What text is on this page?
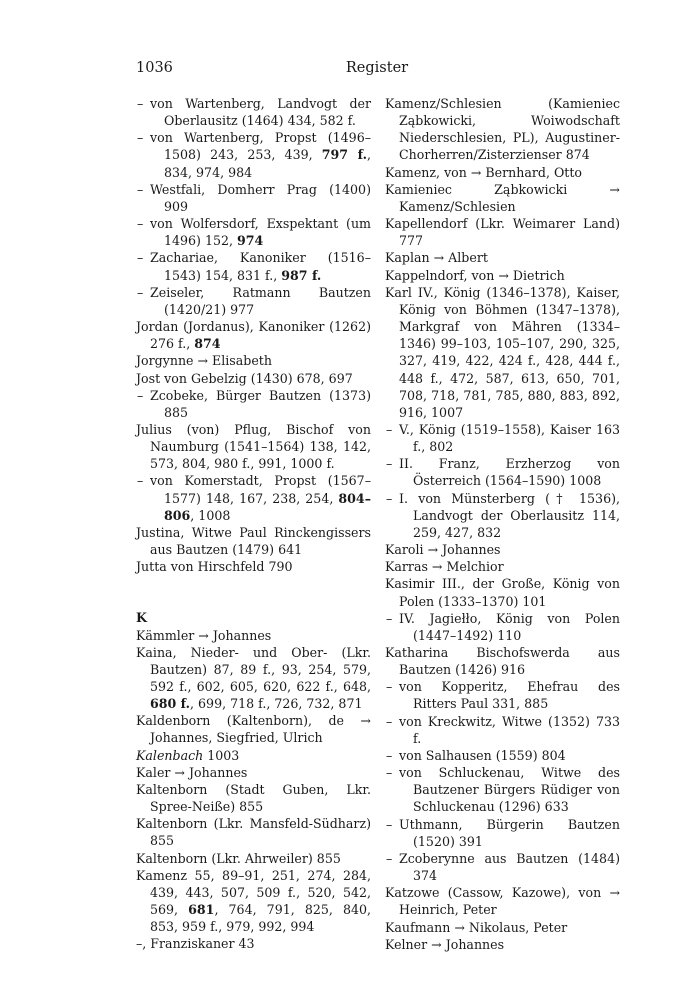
1036	Register
– von Wartenberg, Landvogt der Oberlausitz (1464) 434, 582 f.
– von Wartenberg, Propst (1496–1508) 243, 253, 439, 797 f., 834, 974, 984
– Westfali, Domherr Prag (1400) 909
– von Wolfersdorf, Exspektant (um 1496) 152, 974
– Zachariae, Kanoniker (1516–1543) 154, 831 f., 987 f.
– Zeiseler, Ratmann Bautzen (1420/21) 977
Jordan (Jordanus), Kanoniker (1262) 276 f., 874
Jorgynne → Elisabeth
Jost von Gebelzig (1430) 678, 697
– Zcobeke, Bürger Bautzen (1373) 885
Julius (von) Pflug, Bischof von Naumburg (1541–1564) 138, 142, 573, 804, 980 f., 991, 1000 f.
– von Komerstadt, Propst (1567–1577) 148, 167, 238, 254, 804–806, 1008
Justina, Witwe Paul Rinckengissers aus Bautzen (1479) 641
Jutta von Hirschfeld 790
K
Kämmler → Johannes
Kaina, Nieder- und Ober- (Lkr. Bautzen) 87, 89 f., 93, 254, 579, 592 f., 602, 605, 620, 622 f., 648, 680 f., 699, 718 f., 726, 732, 871
Kaldenborn (Kaltenborn), de → Johannes, Siegfried, Ulrich
Kalenbach 1003
Kaler → Johannes
Kaltenborn (Stadt Guben, Lkr. Spree-Neiße) 855
Kaltenborn (Lkr. Mansfeld-Südharz) 855
Kaltenborn (Lkr. Ahrweiler) 855
Kamenz 55, 89–91, 251, 274, 284, 439, 443, 507, 509 f., 520, 542, 569, 681, 764, 791, 825, 840, 853, 959 f., 979, 992, 994
–, Franziskaner 43
Kamenz/Schlesien (Kamieniec Ząbkowicki, Woiwodschaft Niederschlesien, PL), Augustiner-Chorherren/Zisterzienser 874
Kamenz, von → Bernhard, Otto
Kamieniec Ząbkowicki → Kamenz/Schlesien
Kapellendorf (Lkr. Weimarer Land) 777
Kaplan → Albert
Kappelndorf, von → Dietrich
Karl IV., König (1346–1378), Kaiser, König von Böhmen (1347–1378), Markgraf von Mähren (1334–1346) 99–103, 105–107, 290, 325, 327, 419, 422, 424 f., 428, 444 f., 448 f., 472, 587, 613, 650, 701, 708, 718, 781, 785, 880, 883, 892, 916, 1007
– V., König (1519–1558), Kaiser 163 f., 802
– II. Franz, Erzherzog von Österreich (1564–1590) 1008
– I. von Münsterberg († 1536), Landvogt der Oberlausitz 114, 259, 427, 832
Karoli → Johannes
Karras → Melchior
Kasimir III., der Große, König von Polen (1333–1370) 101
– IV. Jagiełło, König von Polen (1447–1492) 110
Katharina Bischofswerda aus Bautzen (1426) 916
– von Kopperitz, Ehefrau des Ritters Paul 331, 885
– von Kreckwitz, Witwe (1352) 733 f.
– von Salhausen (1559) 804
– von Schluckenau, Witwe des Bautzener Bürgers Rüdiger von Schluckenau (1296) 633
– Uthmann, Bürgerin Bautzen (1520) 391
– Zcoberynne aus Bautzen (1484) 374
Katzowe (Cassow, Kazowe), von → Heinrich, Peter
Kaufmann → Nikolaus, Peter
Kelner → Johannes
